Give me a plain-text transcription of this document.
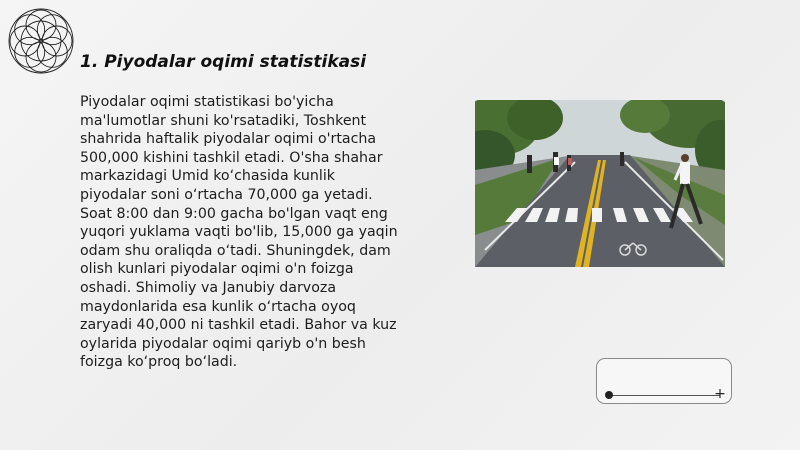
1. Piyodalar oqimi statistikasi

Piyodalar oqimi statistikasi bo'yicha ma'lumotlar shuni ko'rsatadiki, Toshkent shahrida haftalik piyodalar oqimi o'rtacha 500,000 kishini tashkil etadi. O'sha shahar markazidagi Umid ko‘chasida kunlik piyodalar soni o‘rtacha 70,000 ga yetadi. Soat 8:00 dan 9:00 gacha bo'lgan vaqt eng yuqori yuklama vaqti bo'lib, 15,000 ga yaqin odam shu oraliqda o‘tadi. Shuningdek, dam olish kunlari piyodalar oqimi o'n foizga oshadi. Shimoliy va Janubiy darvoza maydonlarida esa kunlik o‘rtacha oyoq zaryadi 40,000 ni tashkil etadi. Bahor va kuz oylarida piyodalar oqimi qariyb o'n besh foizga ko‘proq bo‘ladi.

+
